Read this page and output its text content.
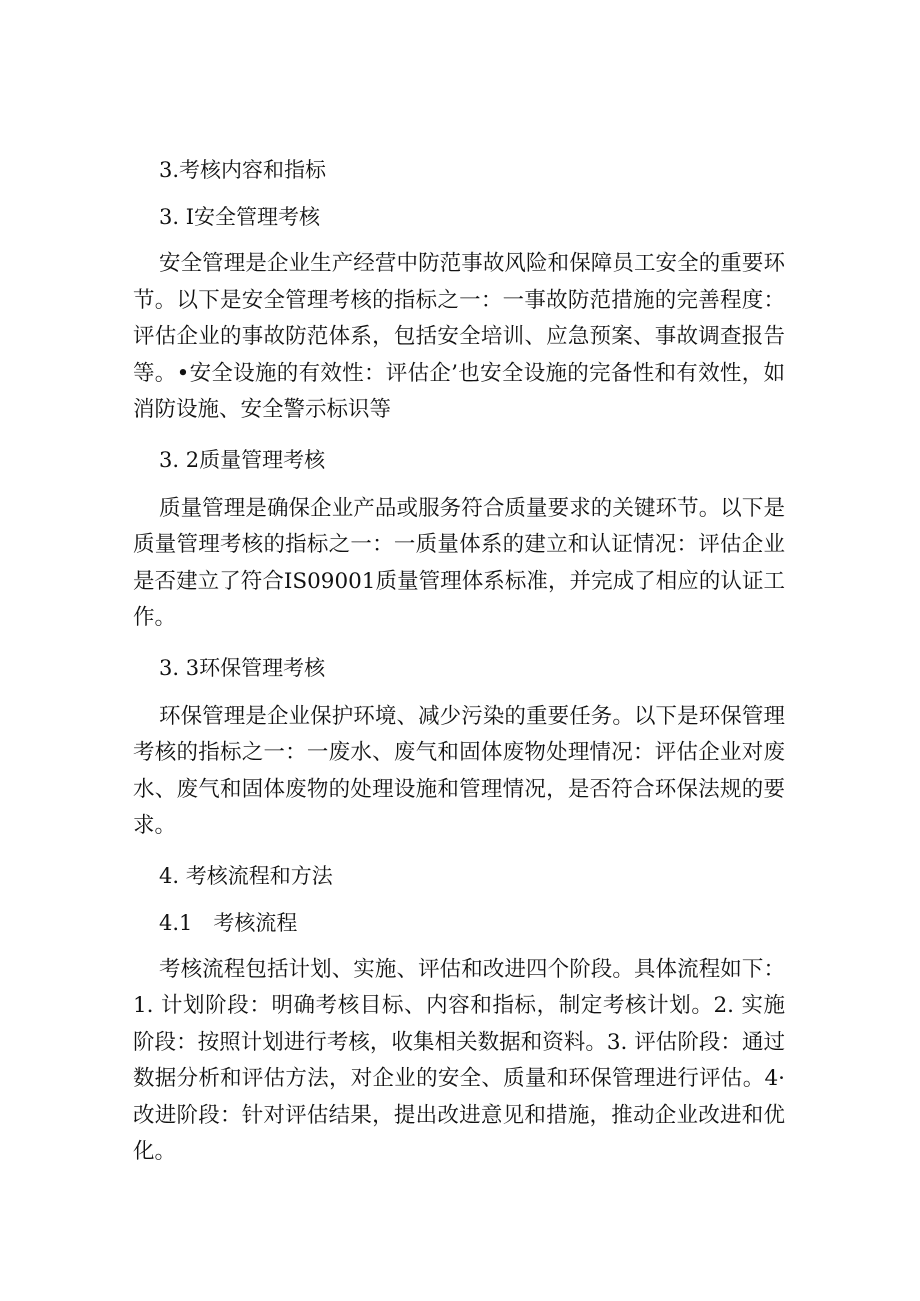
3.考核内容和指标

3. I安全管理考核

安全管理是企业生产经营中防范事故风险和保障员工安全的重要环节。以下是安全管理考核的指标之一：一事故防范措施的完善程度：评估企业的事故防范体系，包括安全培训、应急预案、事故调查报告等。•安全设施的有效性：评估企’也安全设施的完备性和有效性，如消防设施、安全警示标识等

3. 2质量管理考核

质量管理是确保企业产品或服务符合质量要求的关键环节。以下是质量管理考核的指标之一：一质量体系的建立和认证情况：评估企业是否建立了符合IS09001质量管理体系标准，并完成了相应的认证工作。

3. 3环保管理考核

环保管理是企业保护环境、减少污染的重要任务。以下是环保管理考核的指标之一：一废水、废气和固体废物处理情况：评估企业对废水、废气和固体废物的处理设施和管理情况，是否符合环保法规的要求。

4. 考核流程和方法

4.1　考核流程

考核流程包括计划、实施、评估和改进四个阶段。具体流程如下：1. 计划阶段：明确考核目标、内容和指标，制定考核计划。2. 实施阶段：按照计划进行考核，收集相关数据和资料。3. 评估阶段：通过数据分析和评估方法，对企业的安全、质量和环保管理进行评估。4·改进阶段：针对评估结果，提出改进意见和措施，推动企业改进和优化。
